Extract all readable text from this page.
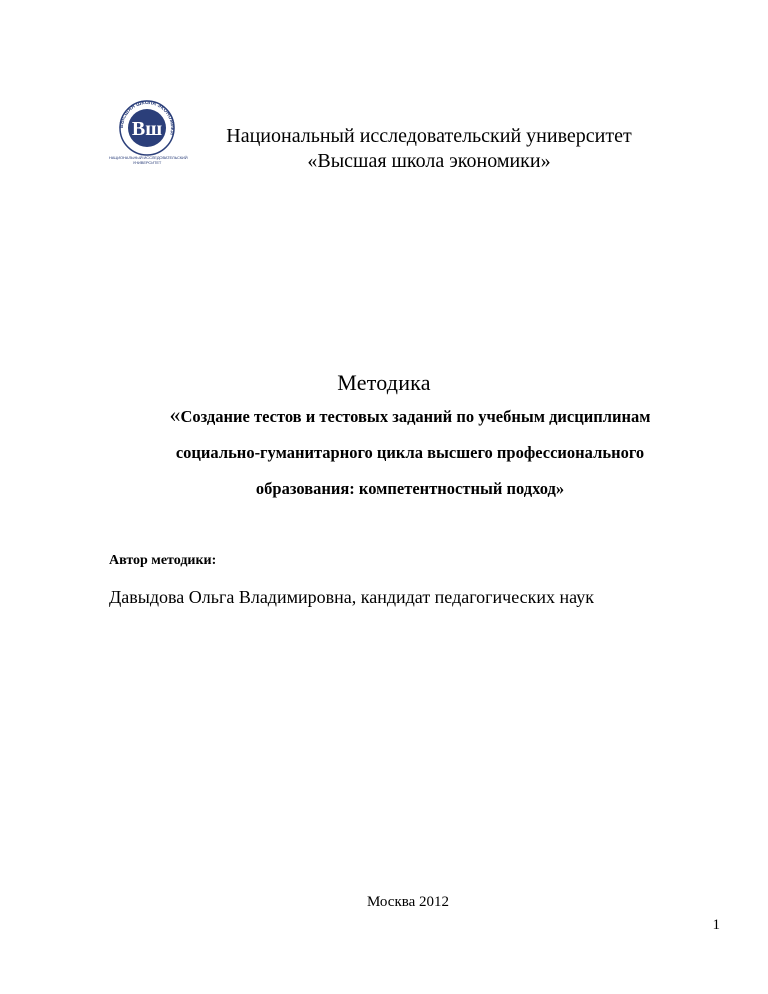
ВЫСШАЯ ШКОЛА ЭКОНОМИКИ
Вш
НАЦИОНАЛЬНЫЙ ИССЛЕДОВАТЕЛЬСКИЙ
УНИВЕРСИТЕТ
Национальный исследовательский университет
«Высшая школа экономики»
Методика
«Создание тестов и тестовых заданий по учебным дисциплинам
социально-гуманитарного цикла высшего профессионального
образования: компетентностный подход»
Автор методики:
Давыдова Ольга Владимировна, кандидат педагогических наук
Москва 2012
1
